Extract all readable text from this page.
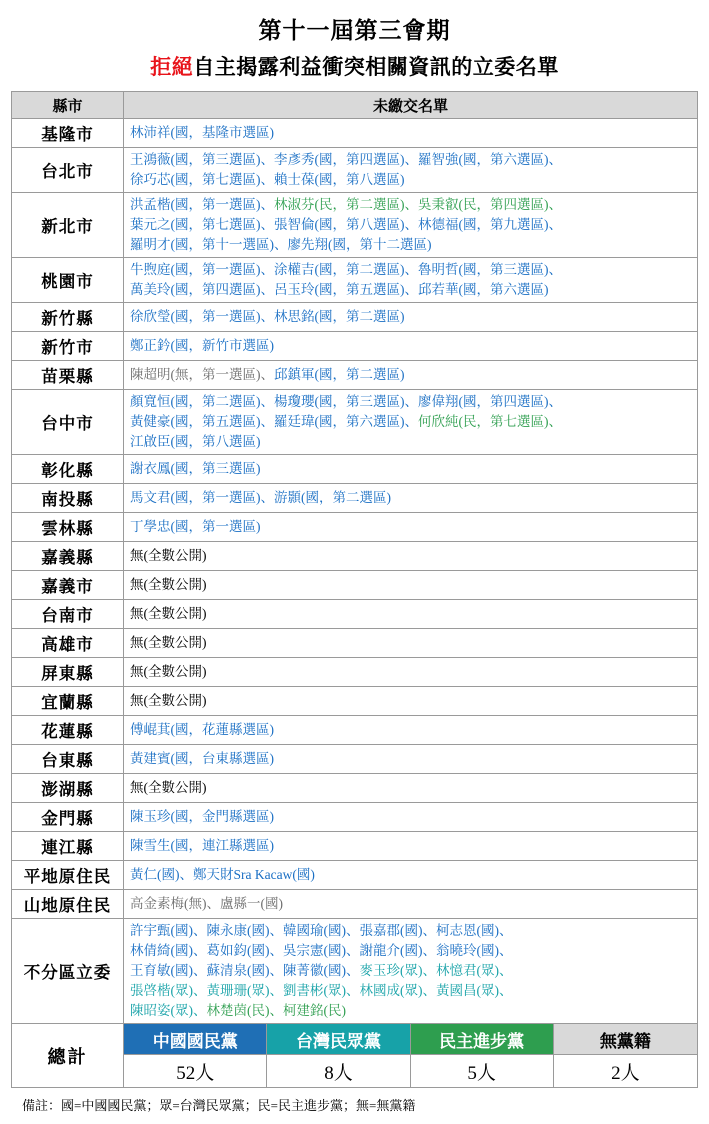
第十一屆第三會期
拒絕自主揭露利益衝突相關資訊的立委名單
縣市	未繳交名單
基隆市	林沛祥(國，基隆市選區)

台北市	王鴻薇(國，第三選區)、李彥秀(國，第四選區)、羅智強(國，第六選區)、
徐巧芯(國，第七選區)、賴士葆(國，第八選區)

新北市	洪孟楷(國，第一選區)、林淑芬(民，第二選區)、吳秉叡(民，第四選區)、
葉元之(國，第七選區)、張智倫(國，第八選區)、林德福(國，第九選區)、
羅明才(國，第十一選區)、廖先翔(國，第十二選區)

桃園市	牛煦庭(國，第一選區)、涂權吉(國，第二選區)、魯明哲(國，第三選區)、
萬美玲(國，第四選區)、呂玉玲(國，第五選區)、邱若華(國，第六選區)

新竹縣	徐欣瑩(國，第一選區)、林思銘(國，第二選區)

新竹市	鄭正鈐(國，新竹市選區)

苗栗縣	陳超明(無，第一選區)、邱鎮軍(國，第二選區)

台中市	顏寬恒(國，第二選區)、楊瓊瓔(國，第三選區)、廖偉翔(國，第四選區)、
黃健豪(國，第五選區)、羅廷瑋(國，第六選區)、何欣純(民，第七選區)、
江啟臣(國，第八選區)

彰化縣	謝衣鳳(國，第三選區)

南投縣	馬文君(國，第一選區)、游顥(國，第二選區)

雲林縣	丁學忠(國，第一選區)

嘉義縣	無(全數公開)

嘉義市	無(全數公開)

台南市	無(全數公開)

高雄市	無(全數公開)

屏東縣	無(全數公開)

宜蘭縣	無(全數公開)

花蓮縣	傅崐萁(國，花蓮縣選區)

台東縣	黃建賓(國，台東縣選區)

澎湖縣	無(全數公開)

金門縣	陳玉珍(國，金門縣選區)

連江縣	陳雪生(國，連江縣選區)

平地原住民	黃仁(國)、鄭天財Sra Kacaw(國)

山地原住民	高金素梅(無)、盧縣一(國)

不分區立委	許宇甄(國)、陳永康(國)、韓國瑜(國)、張嘉郡(國)、柯志恩(國)、
林倩綺(國)、葛如鈞(國)、吳宗憲(國)、謝龍介(國)、翁曉玲(國)、
王育敏(國)、蘇清泉(國)、陳菁徽(國)、麥玉珍(眾)、林憶君(眾)、
張啓楷(眾)、黃珊珊(眾)、劉書彬(眾)、林國成(眾)、黃國昌(眾)、
陳昭姿(眾)、林楚茵(民)、柯建銘(民)
總計	中國國民黨	台灣民眾黨	民主進步黨	無黨籍
	52人	8人	5人	2人
備註：國=中國國民黨；眾=台灣民眾黨；民=民主進步黨；無=無黨籍
